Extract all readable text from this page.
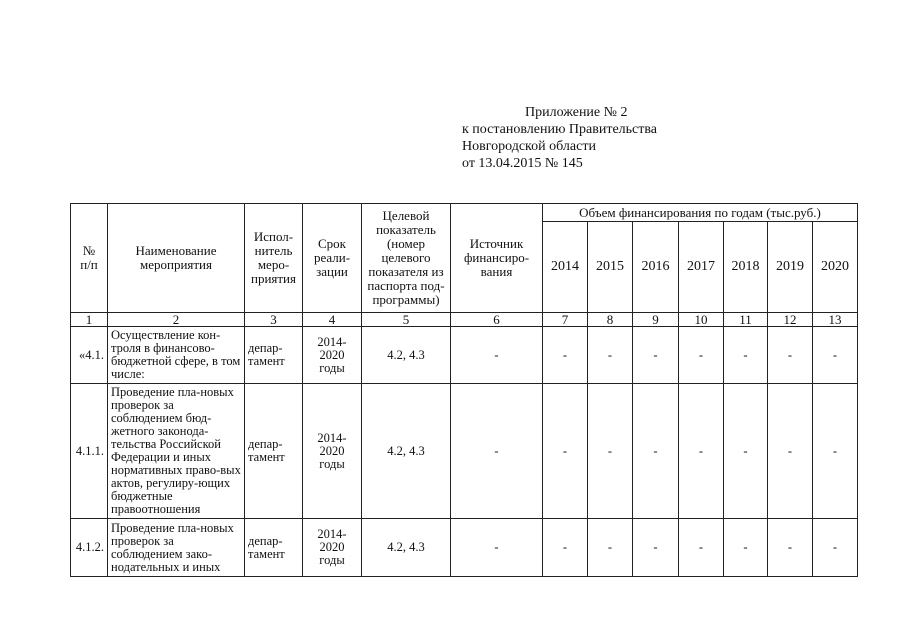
Приложение № 2
к постановлению Правительства
Новгородской области
от 13.04.2015 № 145
№ п/п	Наименование мероприятия	Испол-нитель меро-приятия	Срок реали-зации	Целевой показатель (номер целевого показателя из паспорта под-программы)	Источник финансиро-вания	Объем финансирования по годам (тыс.руб.)						
						2014	2015	2016	2017	2018	2019	2020
1	2	3	4	5	6	7	8	9	10	11	12	13
«4.1.	Осуществление кон-троля в финансово-бюджетной сфере, в том числе:	депар-тамент	2014-2020 годы	4.2, 4.3	-	-	-	-	-	-	-	-
4.1.1.	Проведение пла-новых проверок за соблюдением бюд-жетного законода-тельства Российской Федерации и иных нормативных право-вых актов, регулиру-ющих бюджетные правоотношения	депар-тамент	2014-2020 годы	4.2, 4.3	-	-	-	-	-	-	-	-
4.1.2.	Проведение пла-новых проверок за соблюдением зако-нодательных и иных	депар-тамент	2014-2020 годы	4.2, 4.3	-	-	-	-	-	-	-	-
